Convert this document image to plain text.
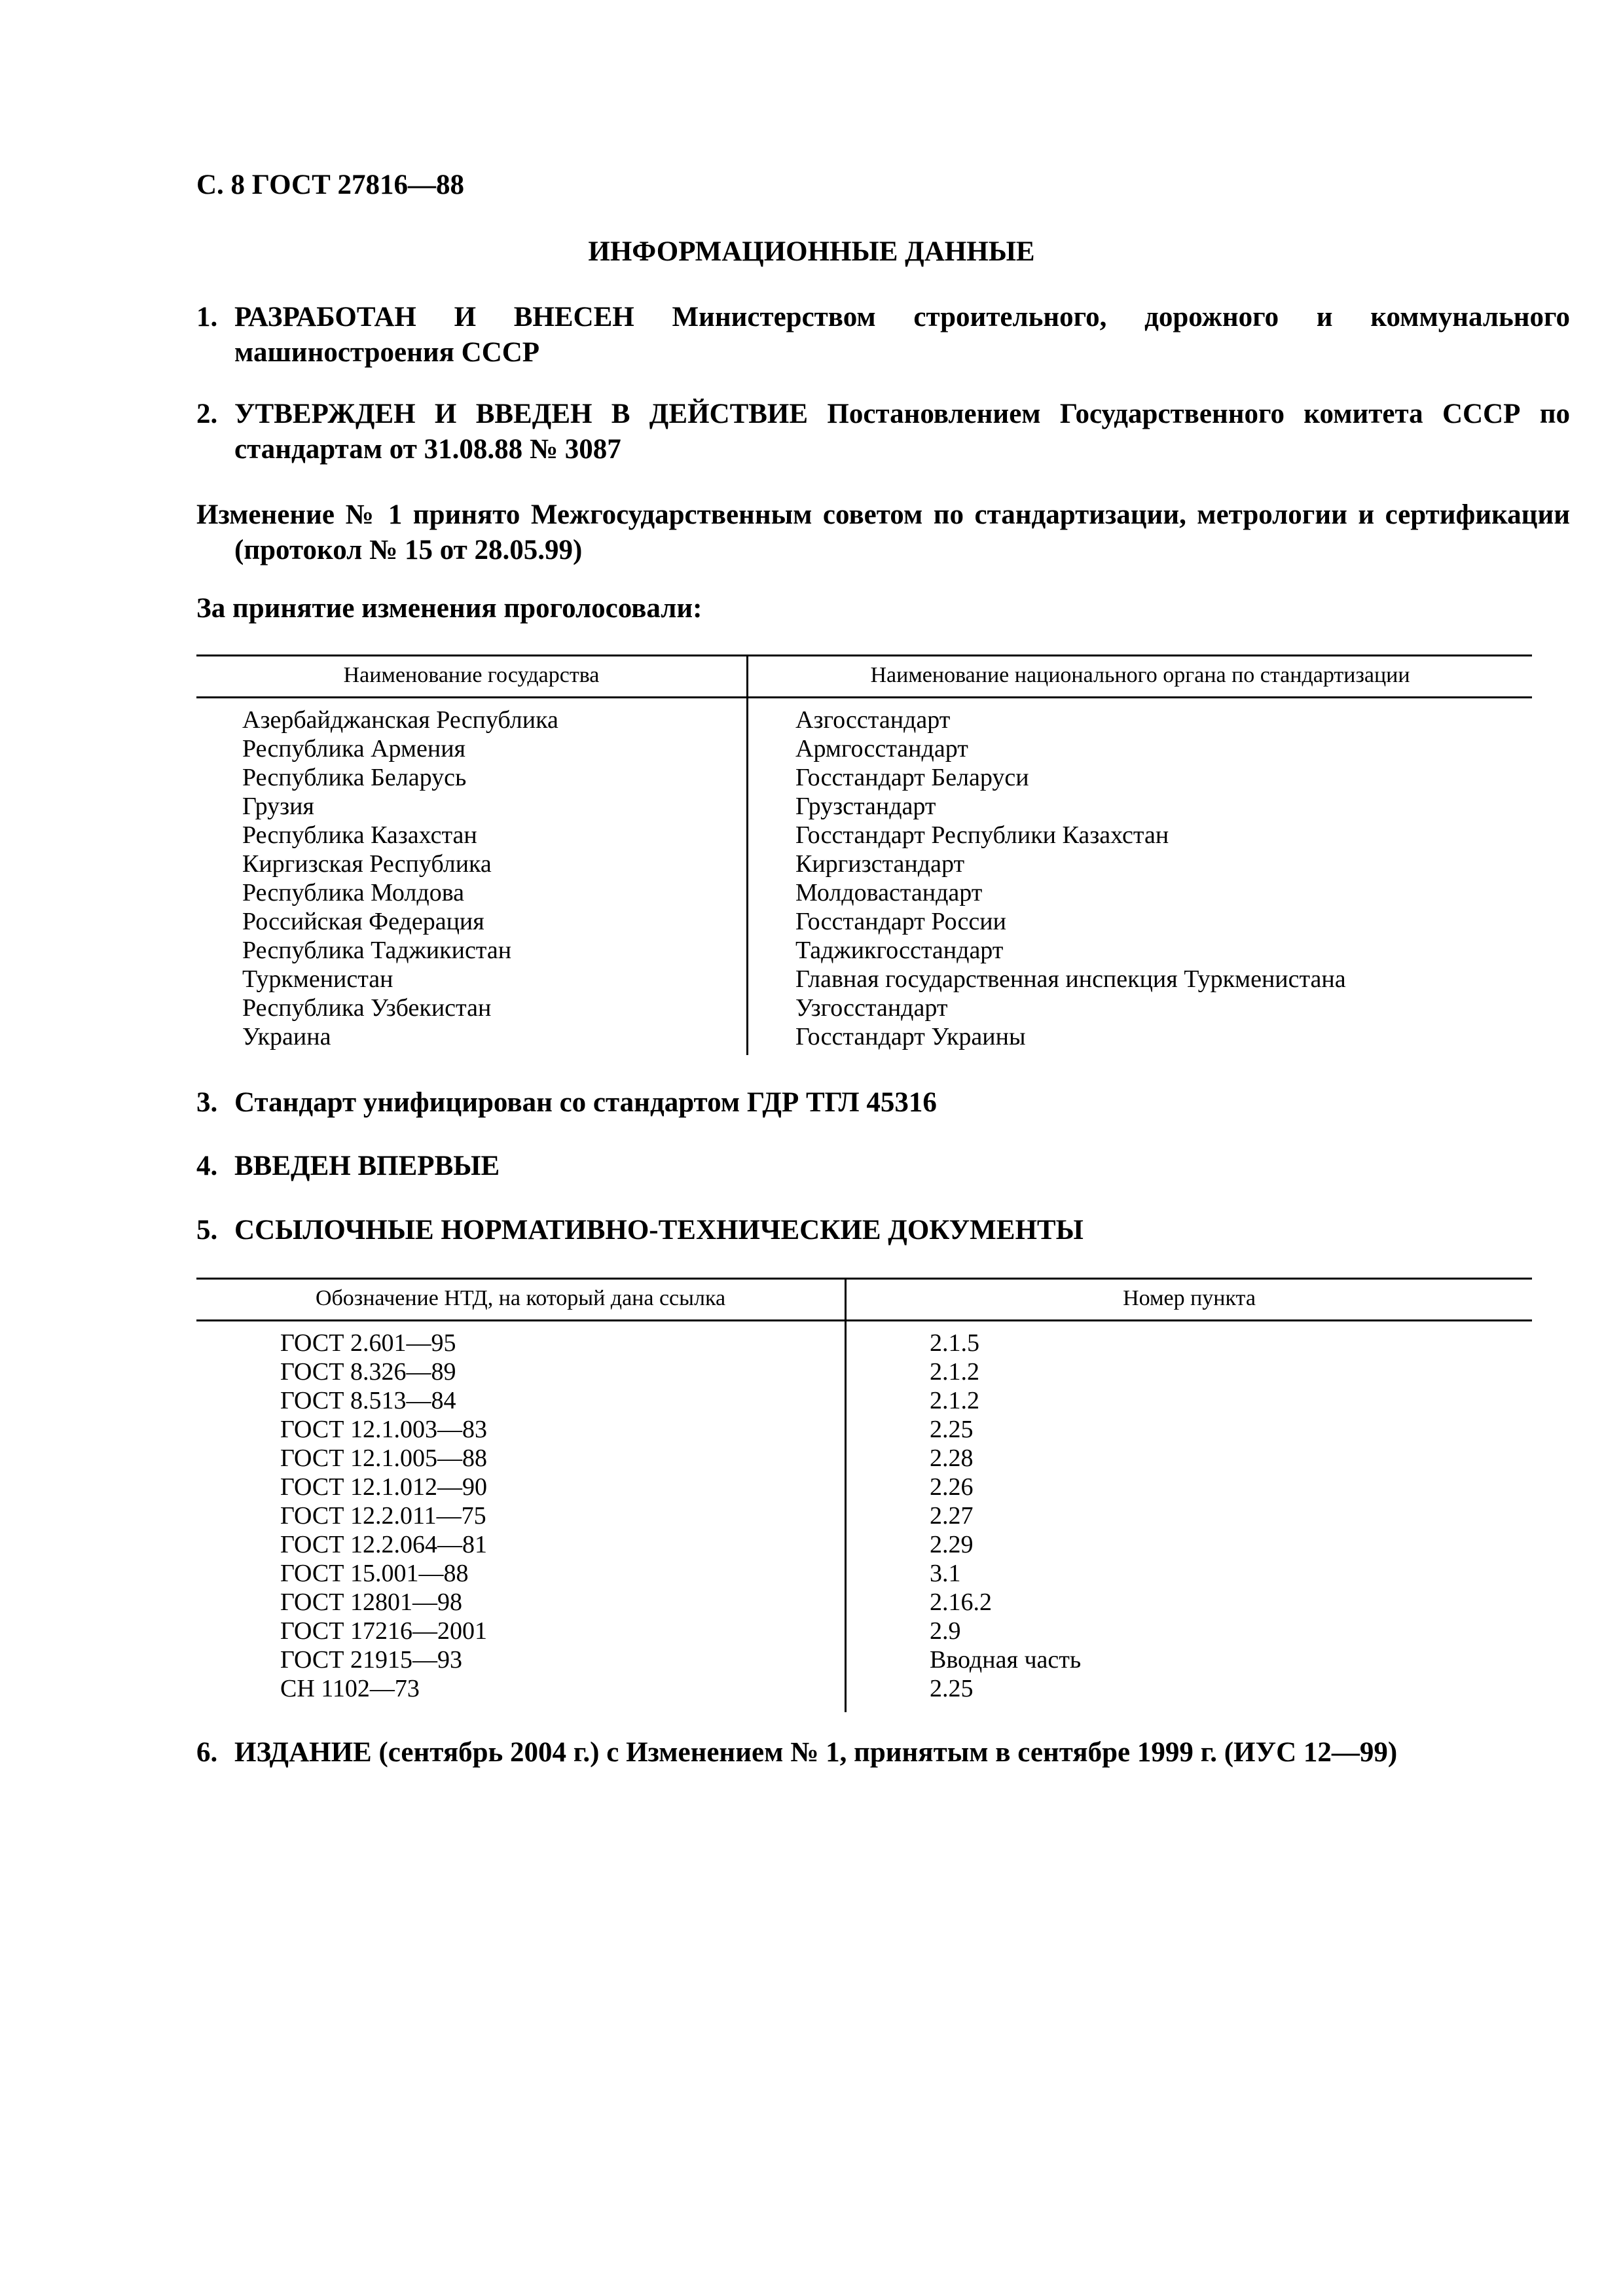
С. 8 ГОСТ 27816—88
ИНФОРМАЦИОННЫЕ ДАННЫЕ
1. РАЗРАБОТАН И ВНЕСЕН Министерством строительного, дорожного и коммунального машиностроения СССР
2. УТВЕРЖДЕН И ВВЕДЕН В ДЕЙСТВИЕ Постановлением Государственного комитета СССР по стандартам от 31.08.88 № 3087
Изменение № 1 принято Межгосударственным советом по стандартизации, метрологии и сертификации (протокол № 15 от 28.05.99)
За принятие изменения проголосовали:
Наименование государства	Наименование национального органа по стандартизации
Азербайджанская Республика
Республика Армения
Республика Беларусь
Грузия
Республика Казахстан
Киргизская Республика
Республика Молдова
Российская Федерация
Республика Таджикистан
Туркменистан
Республика Узбекистан
Украина
Азгосстандарт
Армгосстандарт
Госстандарт Беларуси
Грузстандарт
Госстандарт Республики Казахстан
Киргизстандарт
Молдовастандарт
Госстандарт России
Таджикгосстандарт
Главная государственная инспекция Туркменистана
Узгосстандарт
Госстандарт Украины
3. Стандарт унифицирован со стандартом ГДР ТГЛ 45316
4. ВВЕДЕН ВПЕРВЫЕ
5. ССЫЛОЧНЫЕ НОРМАТИВНО-ТЕХНИЧЕСКИЕ ДОКУМЕНТЫ
Обозначение НТД, на который дана ссылка	Номер пункта
ГОСТ 2.601—95
ГОСТ 8.326—89
ГОСТ 8.513—84
ГОСТ 12.1.003—83
ГОСТ 12.1.005—88
ГОСТ 12.1.012—90
ГОСТ 12.2.011—75
ГОСТ 12.2.064—81
ГОСТ 15.001—88
ГОСТ 12801—98
ГОСТ 17216—2001
ГОСТ 21915—93
СН 1102—73
2.1.5
2.1.2
2.1.2
2.25
2.28
2.26
2.27
2.29
3.1
2.16.2
2.9
Вводная часть
2.25
6. ИЗДАНИЕ (сентябрь 2004 г.) с Изменением № 1, принятым в сентябре 1999 г. (ИУС 12—99)
